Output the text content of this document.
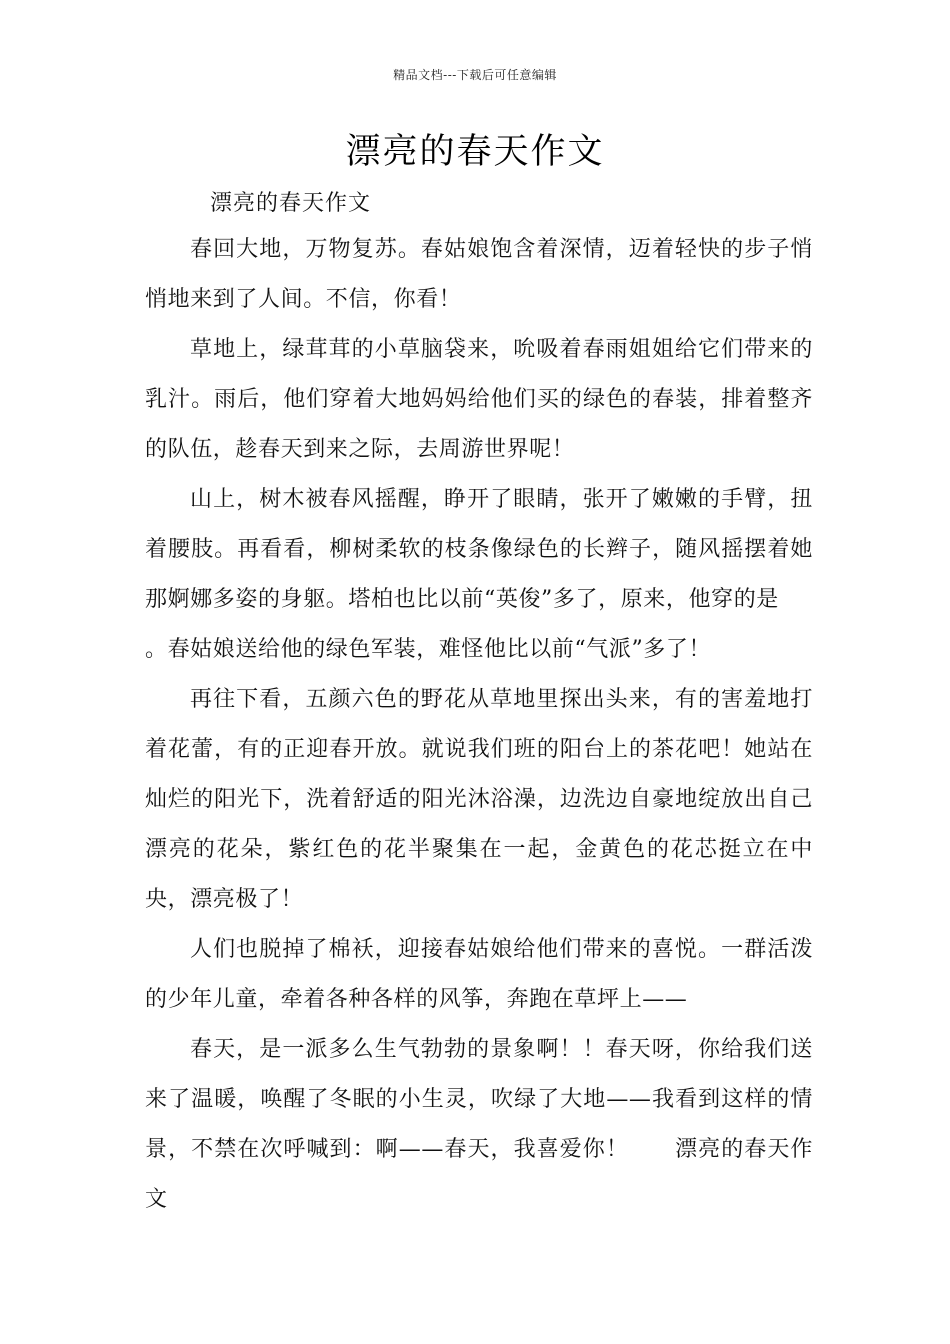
精品文档---下载后可任意编辑
漂亮的春天作文

漂亮的春天作文

春回大地，万物复苏。春姑娘饱含着深情，迈着轻快的步子悄悄地来到了人间。不信，你看！

草地上，绿茸茸的小草脑袋来，吮吸着春雨姐姐给它们带来的乳汁。雨后，他们穿着大地妈妈给他们买的绿色的春装，排着整齐的队伍，趁春天到来之际，去周游世界呢！

山上，树木被春风摇醒，睁开了眼睛，张开了嫩嫩的手臂，扭着腰肢。再看看，柳树柔软的枝条像绿色的长辫子，随风摇摆着她那婀娜多姿的身躯。塔柏也比以前“英俊”多了，原来，他穿的是

。春姑娘送给他的绿色军装，难怪他比以前“气派”多了！

再往下看，五颜六色的野花从草地里探出头来，有的害羞地打着花蕾，有的正迎春开放。就说我们班的阳台上的茶花吧！她站在灿烂的阳光下，洗着舒适的阳光沐浴澡，边洗边自豪地绽放出自己漂亮的花朵，紫红色的花半聚集在一起，金黄色的花芯挺立在中央，漂亮极了！

人们也脱掉了棉袄，迎接春姑娘给他们带来的喜悦。一群活泼的少年儿童，牵着各种各样的风筝，奔跑在草坪上——

春天，是一派多么生气勃勃的景象啊！！春天呀，你给我们送来了温暖，唤醒了冬眠的小生灵，吹绿了大地——我看到这样的情景，不禁在次呼喊到：啊——春天，我喜爱你！　　漂亮的春天作文
